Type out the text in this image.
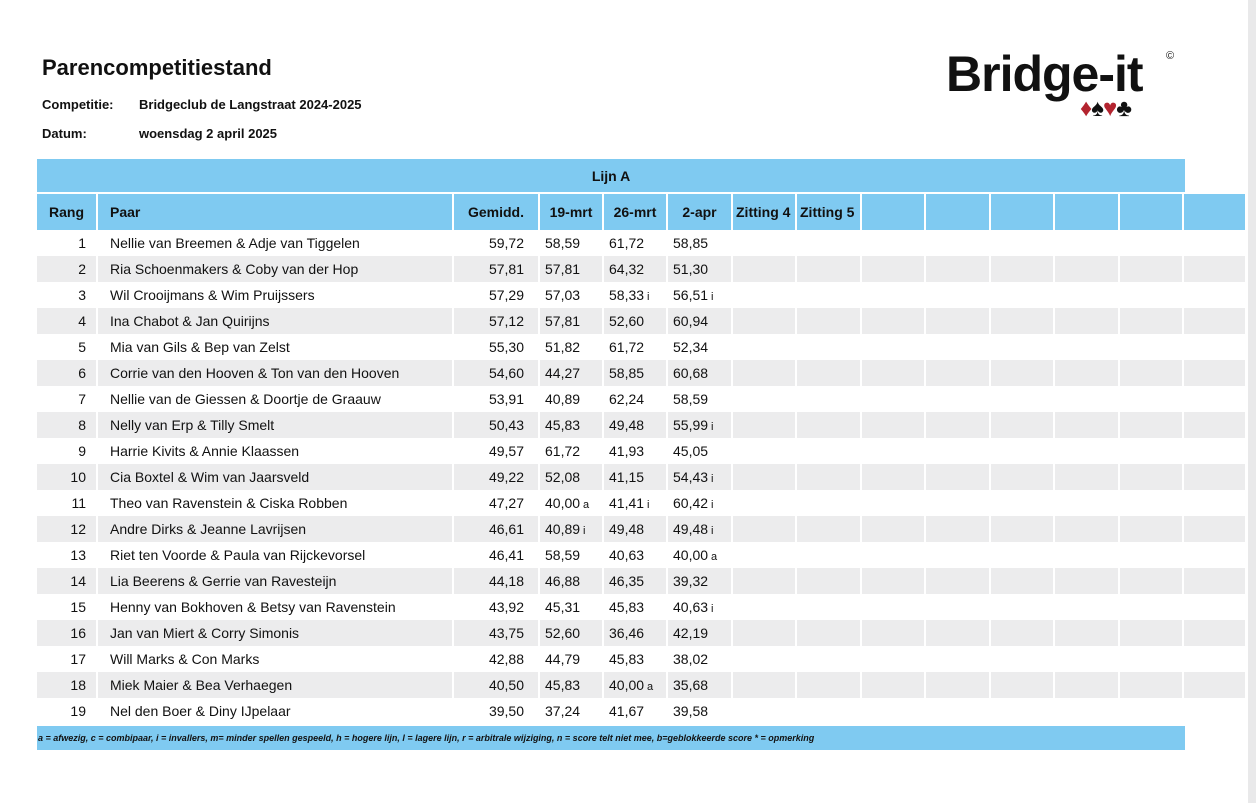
Parencompetitiestand
Competitie: Bridgeclub de Langstraat 2024-2025
Datum:	woensdag 2 april 2025
Bridge-it ©
♦♠♥♣
Lijn A
Rang	Paar	Gemidd.	19-mrt	26-mrt	2-apr	Zitting 4	Zitting 5						
1	Nellie van Breemen & Adje van Tiggelen	59,72	58,59	61,72	58,85								
2	Ria Schoenmakers & Coby van der Hop	57,81	57,81	64,32	51,30								
3	Wil Crooijmans & Wim Pruijssers	57,29	57,03	58,33 i	56,51 i								
4	Ina Chabot & Jan Quirijns	57,12	57,81	52,60	60,94								
5	Mia van Gils & Bep van Zelst	55,30	51,82	61,72	52,34								
6	Corrie van den Hooven & Ton van den Hooven	54,60	44,27	58,85	60,68								
7	Nellie van de Giessen & Doortje de Graauw	53,91	40,89	62,24	58,59								
8	Nelly van Erp & Tilly Smelt	50,43	45,83	49,48	55,99 i								
9	Harrie Kivits & Annie Klaassen	49,57	61,72	41,93	45,05								
10	Cia Boxtel & Wim van Jaarsveld	49,22	52,08	41,15	54,43 i								
11	Theo van Ravenstein & Ciska Robben	47,27	40,00 a	41,41 i	60,42 i								
12	Andre Dirks & Jeanne Lavrijsen	46,61	40,89 i	49,48	49,48 i								
13	Riet ten Voorde & Paula van Rijckevorsel	46,41	58,59	40,63	40,00 a								
14	Lia Beerens & Gerrie van Ravesteijn	44,18	46,88	46,35	39,32								
15	Henny van Bokhoven & Betsy van Ravenstein	43,92	45,31	45,83	40,63 i								
16	Jan van Miert & Corry Simonis	43,75	52,60	36,46	42,19								
17	Will Marks & Con Marks	42,88	44,79	45,83	38,02								
18	Miek Maier & Bea Verhaegen	40,50	45,83	40,00 a	35,68								
19	Nel den Boer & Diny IJpelaar	39,50	37,24	41,67	39,58								
a = afwezig, c = combipaar, i = invallers, m= minder spellen gespeeld, h = hogere lijn, l = lagere lijn, r = arbitrale wijziging, n = score telt niet mee, b=geblokkeerde score * = opmerking
